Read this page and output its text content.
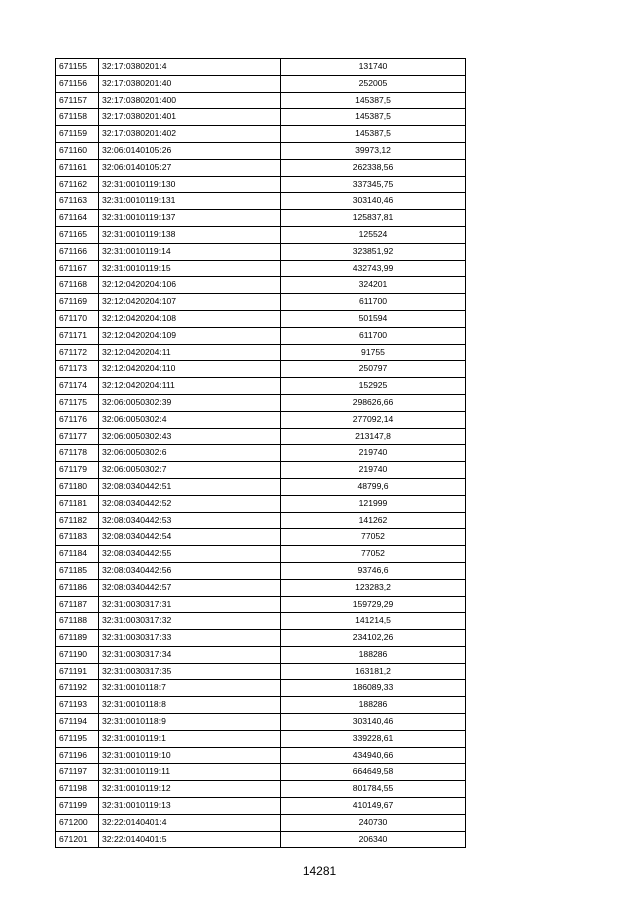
671155	32:17:0380201:4	131740
671156	32:17:0380201:40	252005
671157	32:17:0380201:400	145387,5
671158	32:17:0380201:401	145387,5
671159	32:17:0380201:402	145387,5
671160	32:06:0140105:26	39973,12
671161	32:06:0140105:27	262338,56
671162	32:31:0010119:130	337345,75
671163	32:31:0010119:131	303140,46
671164	32:31:0010119:137	125837,81
671165	32:31:0010119:138	125524
671166	32:31:0010119:14	323851,92
671167	32:31:0010119:15	432743,99
671168	32:12:0420204:106	324201
671169	32:12:0420204:107	611700
671170	32:12:0420204:108	501594
671171	32:12:0420204:109	611700
671172	32:12:0420204:11	91755
671173	32:12:0420204:110	250797
671174	32:12:0420204:111	152925
671175	32:06:0050302:39	298626,66
671176	32:06:0050302:4	277092,14
671177	32:06:0050302:43	213147,8
671178	32:06:0050302:6	219740
671179	32:06:0050302:7	219740
671180	32:08:0340442:51	48799,6
671181	32:08:0340442:52	121999
671182	32:08:0340442:53	141262
671183	32:08:0340442:54	77052
671184	32:08:0340442:55	77052
671185	32:08:0340442:56	93746,6
671186	32:08:0340442:57	123283,2
671187	32:31:0030317:31	159729,29
671188	32:31:0030317:32	141214,5
671189	32:31:0030317:33	234102,26
671190	32:31:0030317:34	188286
671191	32:31:0030317:35	163181,2
671192	32:31:0010118:7	186089,33
671193	32:31:0010118:8	188286
671194	32:31:0010118:9	303140,46
671195	32:31:0010119:1	339228,61
671196	32:31:0010119:10	434940,66
671197	32:31:0010119:11	664649,58
671198	32:31:0010119:12	801784,55
671199	32:31:0010119:13	410149,67
671200	32:22:0140401:4	240730
671201	32:22:0140401:5	206340
14281
